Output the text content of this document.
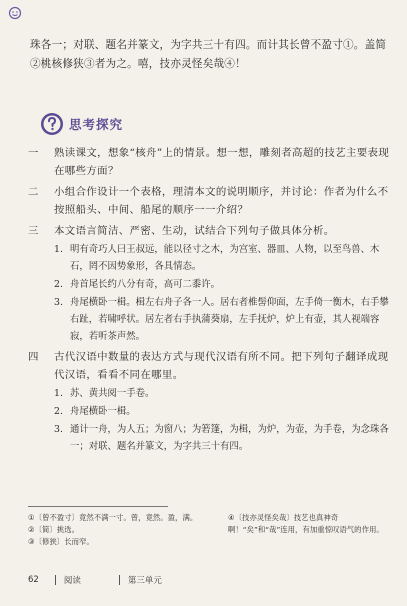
珠各一；对联、题名并篆文，为字共三十有四。而计其长曾不盈寸①。盖简②桃核修狭③者为之。嘻，技亦灵怪矣哉④！

思考探究
一	熟读课文，想象“核舟”上的情景。想一想，雕刻者高超的技艺主要表现在哪些方面？
二	小组合作设计一个表格，理清本文的说明顺序，并讨论：作者为什么不按照船头、中间、船尾的顺序一一介绍？
三	本文语言简洁、严密、生动，试结合下列句子做具体分析。
1. 明有奇巧人曰王叔远，能以径寸之木，为宫室、器皿、人物，以至鸟兽、木石，罔不因势象形，各具情态。
2. 舟首尾长约八分有奇，高可二黍许。
3. 舟尾横卧一楫。楫左右舟子各一人。居右者椎髻仰面，左手倚一衡木，右手攀右趾，若啸呼状。居左者右手执蒲葵扇，左手抚炉，炉上有壶，其人视端容寂，若听茶声然。
四	古代汉语中数量的表达方式与现代汉语有所不同。把下列句子翻译成现代汉语，看看不同在哪里。
1. 苏、黄共阅一手卷。
2. 舟尾横卧一楫。
3. 通计一舟，为人五；为窗八；为箬篷，为楫，为炉，为壶，为手卷，为念珠各一；对联、题名并篆文，为字共三十有四。
①〔曾不盈寸〕竟然不满一寸。曾，竟然。盈，满。
②〔简〕挑选。
③〔修狭〕长而窄。
④〔技亦灵怪矣哉〕技艺也真神奇啊！“矣”和“哉”连用，有加重惊叹语气的作用。
62	阅读	第三单元
